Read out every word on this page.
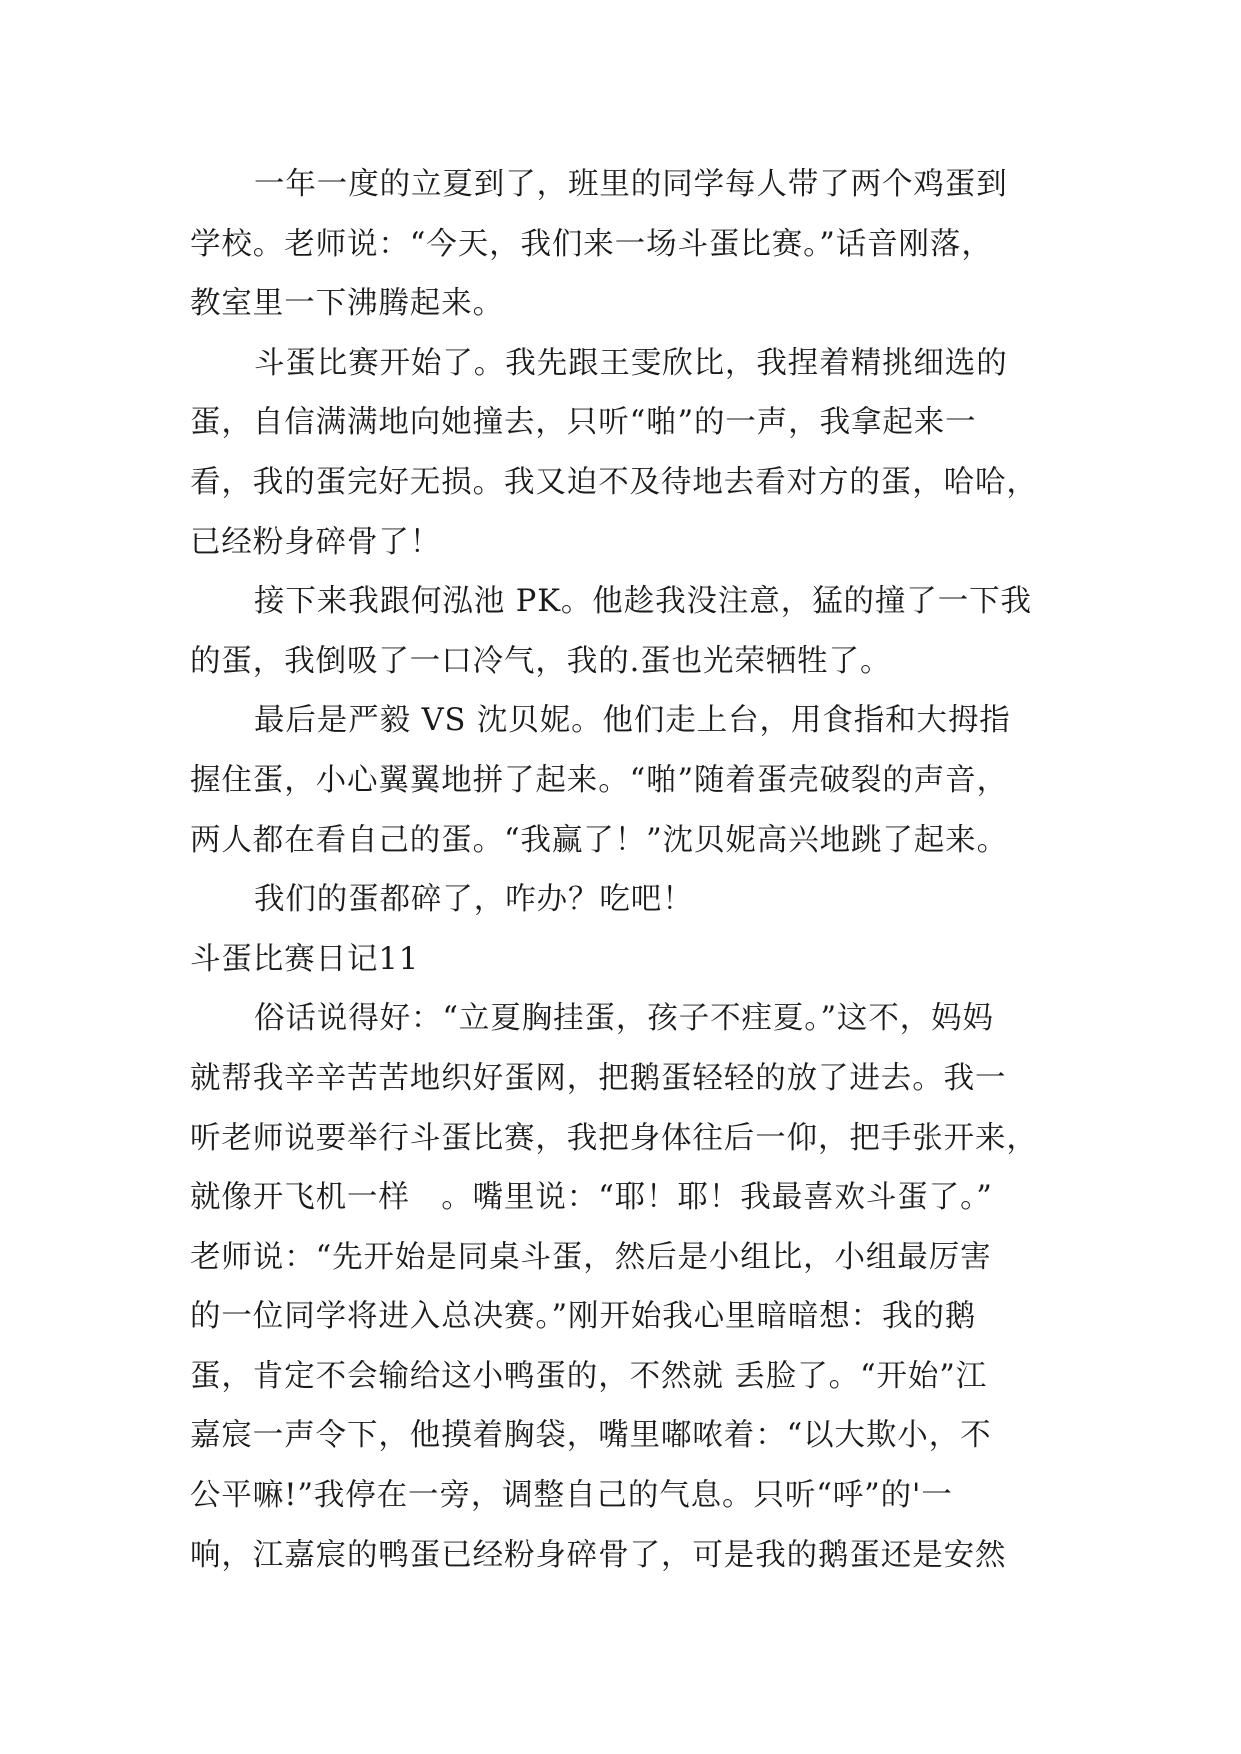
一年一度的立夏到了，班里的同学每人带了两个鸡蛋到
学校。老师说：“今天，我们来一场斗蛋比赛。”话音刚落，
教室里一下沸腾起来。
斗蛋比赛开始了。我先跟王雯欣比，我捏着精挑细选的
蛋，自信满满地向她撞去，只听“啪”的一声，我拿起来一
看，我的蛋完好无损。我又迫不及待地去看对方的蛋，哈哈，
已经粉身碎骨了！
接下来我跟何泓池 PK。他趁我没注意，猛的撞了一下我
的蛋，我倒吸了一口冷气，我的.蛋也光荣牺牲了。
最后是严毅 VS 沈贝妮。他们走上台，用食指和大拇指
握住蛋，小心翼翼地拼了起来。“啪”随着蛋壳破裂的声音，
两人都在看自己的蛋。“我赢了！”沈贝妮高兴地跳了起来。
我们的蛋都碎了，咋办？吃吧！
斗蛋比赛日记11
俗话说得好：“立夏胸挂蛋，孩子不疰夏。”这不，妈妈
就帮我辛辛苦苦地织好蛋网，把鹅蛋轻轻的放了进去。我一
听老师说要举行斗蛋比赛，我把身体往后一仰，把手张开来，
就像开飞机一样　。嘴里说：“耶！耶！我最喜欢斗蛋了。”
老师说：“先开始是同桌斗蛋，然后是小组比，小组最厉害
的一位同学将进入总决赛。”刚开始我心里暗暗想：我的鹅
蛋，肯定不会输给这小鸭蛋的，不然就 丢脸了。“开始”江
嘉宸一声令下，他摸着胸袋，嘴里嘟哝着：“以大欺小，不
公平嘛!”我停在一旁，调整自己的气息。只听“呼”的'一
响，江嘉宸的鸭蛋已经粉身碎骨了，可是我的鹅蛋还是安然
